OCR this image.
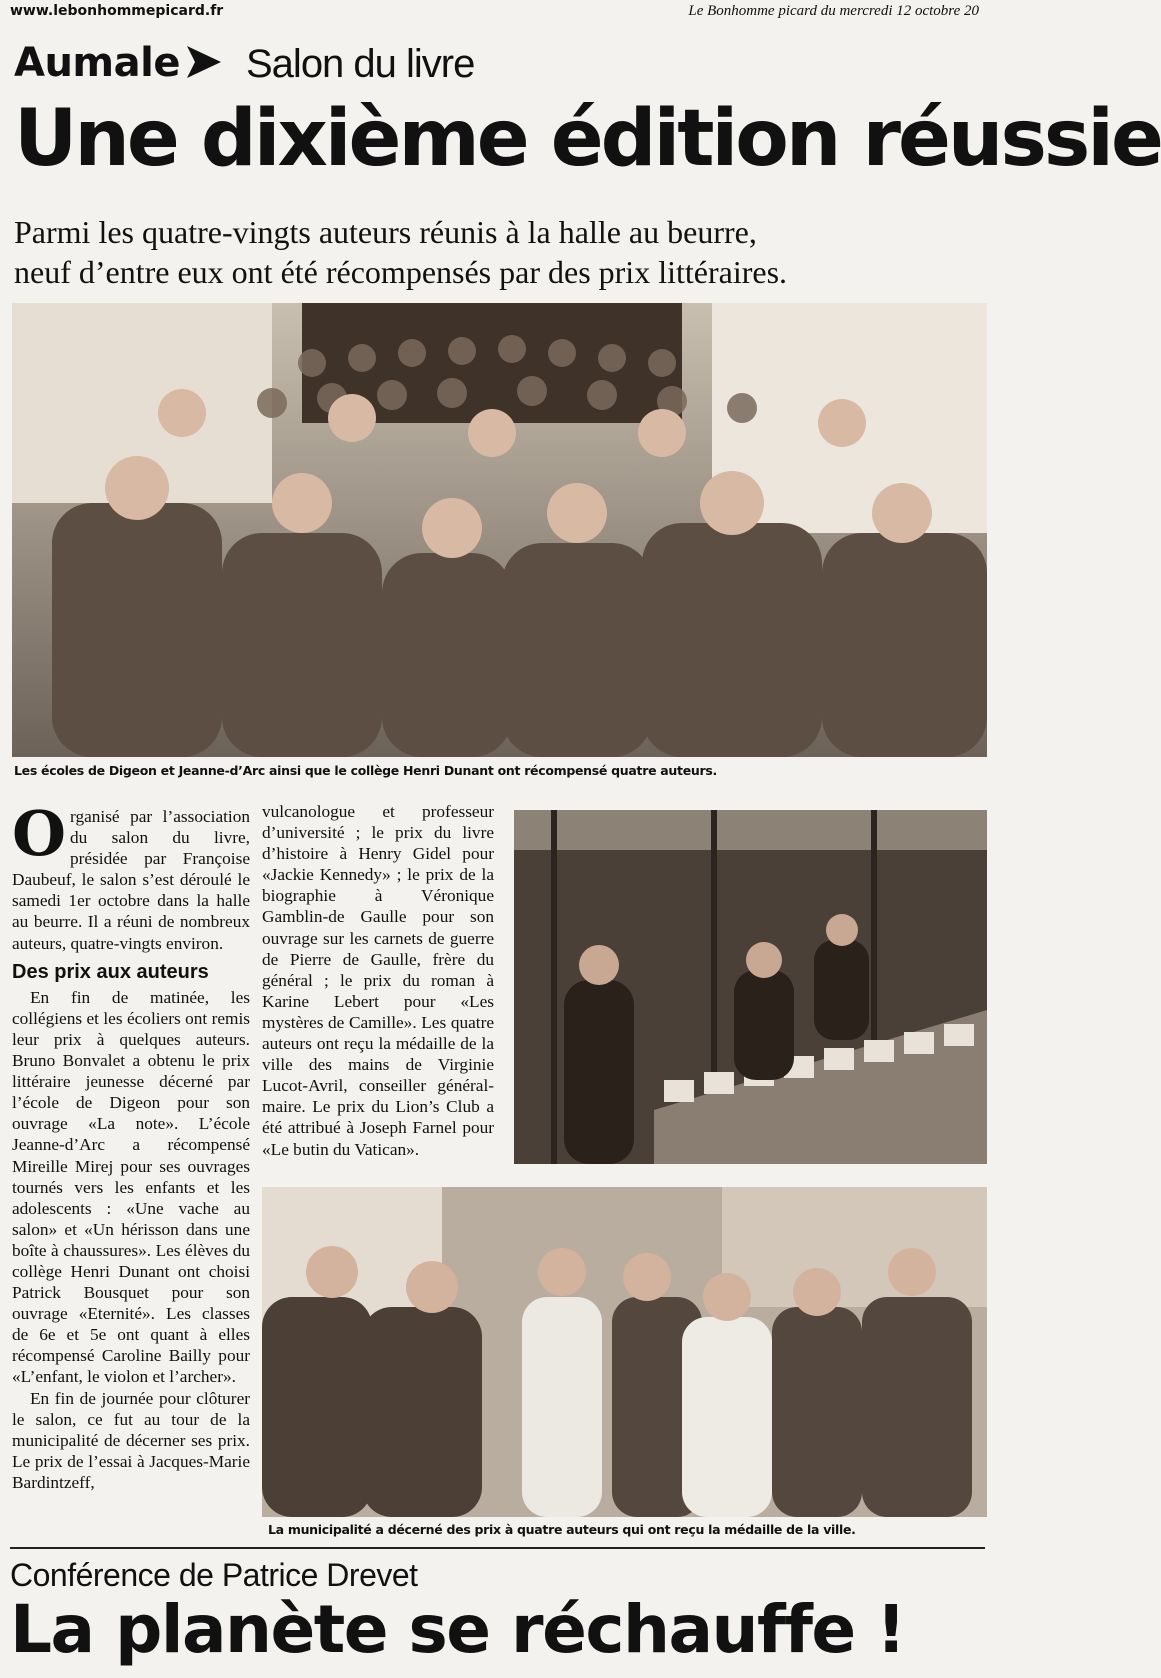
www.lebonhommepicard.fr	Le Bonhomme picard du mercredi 12 octobre 20
Aumale Salon du livre
Une dixième édition réussie
Parmi les quatre-vingts auteurs réunis à la halle au beurre,
neuf d’entre eux ont été récompensés par des prix littéraires.
Les écoles de Digeon et Jeanne-d’Arc ainsi que le collège Henri Dunant ont récompensé quatre auteurs.
O rganisé par l’association du salon du livre, présidée par Françoise Daubeuf, le salon s’est déroulé le samedi 1er octobre dans la halle au beurre. Il a réuni de nombreux auteurs, quatre-vingts environ.

Des prix aux auteurs

En fin de matinée, les collégiens et les écoliers ont remis leur prix à quelques auteurs. Bruno Bonvalet a obtenu le prix littéraire jeunesse décerné par l’école de Digeon pour son ouvrage «La note». L’école Jeanne-d’Arc a récompensé Mireille Mirej pour ses ouvrages tournés vers les enfants et les adolescents : «Une vache au salon» et «Un hérisson dans une boîte à chaussures». Les élèves du collège Henri Dunant ont choisi Patrick Bousquet pour son ouvrage «Eternité». Les classes de 6e et 5e ont quant à elles récompensé Caroline Bailly pour «L’enfant, le violon et l’archer».

En fin de journée pour clôturer le salon, ce fut au tour de la municipalité de décerner ses prix. Le prix de l’essai à Jacques-Marie Bardintzeff,

vulcanologue et professeur d’université ; le prix du livre d’histoire à Henry Gidel pour «Jackie Kennedy» ; le prix de la biographie à Véronique Gamblin-de Gaulle pour son ouvrage sur les carnets de guerre de Pierre de Gaulle, frère du général ; le prix du roman à Karine Lebert pour «Les mystères de Camille». Les quatre auteurs ont reçu la médaille de la ville des mains de Virginie Lucot-Avril, conseiller général-maire. Le prix du Lion’s Club a été attribué à Joseph Farnel pour «Le butin du Vatican».

La municipalité a décerné des prix à quatre auteurs qui ont reçu la médaille de la ville.
Conférence de Patrice Drevet
La planète se réchauffe !
